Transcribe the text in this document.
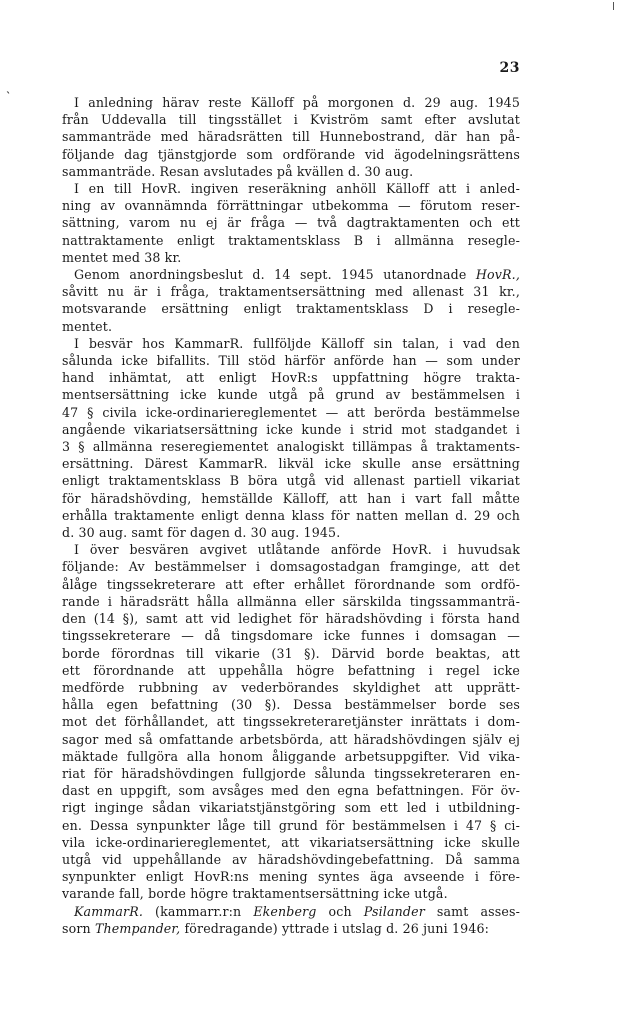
`
23
I anledning härav reste Källoff på morgonen d. 29 aug. 1945
från Uddevalla till tingsstället i Kviström samt efter avslutat
sammanträde med häradsrätten till Hunnebostrand, där han på-
följande dag tjänstgjorde som ordförande vid ägodelningsrättens
sammanträde. Resan avslutades på kvällen d. 30 aug.
I en till HovR. ingiven reseräkning anhöll Källoff att i anled-
ning av ovannämnda förrättningar utbekomma — förutom reser-
sättning, varom nu ej är fråga — två dagtraktamenten och ett
nattraktamente enligt traktamentsklass B i allmänna resegle-
mentet med 38 kr.
Genom anordningsbeslut d. 14 sept. 1945 utanordnade HovR.,
såvitt nu är i fråga, traktamentsersättning med allenast 31 kr.,
motsvarande ersättning enligt traktamentsklass D i resegle-
mentet.
I besvär hos KammarR. fullföljde Källoff sin talan, i vad den
sålunda icke bifallits. Till stöd härför anförde han — som under
hand inhämtat, att enligt HovR:s uppfattning högre trakta-
mentsersättning icke kunde utgå på grund av bestämmelsen i
47 § civila icke-ordinariereglementet — att berörda bestämmelse
angående vikariatsersättning icke kunde i strid mot stadgandet i
3 § allmänna reseregiementet analogiskt tillämpas å traktaments-
ersättning. Därest KammarR. likväl icke skulle anse ersättning
enligt traktamentsklass B böra utgå vid allenast partiell vikariat
för häradshövding, hemställde Källoff, att han i vart fall måtte
erhålla traktamente enligt denna klass för natten mellan d. 29 och
d. 30 aug. samt för dagen d. 30 aug. 1945.
I över besvären avgivet utlåtande anförde HovR. i huvudsak
följande: Av bestämmelser i domsagostadgan framginge, att det
ålåge tingssekreterare att efter erhållet förordnande som ordfö-
rande i häradsrätt hålla allmänna eller särskilda tingssammanträ-
den (14 §), samt att vid ledighet för häradshövding i första hand
tingssekreterare — då tingsdomare icke funnes i domsagan —
borde förordnas till vikarie (31 §). Därvid borde beaktas, att
ett förordnande att uppehålla högre befattning i regel icke
medförde rubbning av vederbörandes skyldighet att upprätt-
hålla egen befattning (30 §). Dessa bestämmelser borde ses
mot det förhållandet, att tingssekreteraretjänster inrättats i dom-
sagor med så omfattande arbetsbörda, att häradshövdingen själv ej
mäktade fullgöra alla honom åliggande arbetsuppgifter. Vid vika-
riat för häradshövdingen fullgjorde sålunda tingssekreteraren en-
dast en uppgift, som avsåges med den egna befattningen. För öv-
rigt inginge sådan vikariatstjänstgöring som ett led i utbildning-
en. Dessa synpunkter låge till grund för bestämmelsen i 47 § ci-
vila icke-ordinariereglementet, att vikariatsersättning icke skulle
utgå vid uppehållande av häradshövdingebefattning. Då samma
synpunkter enligt HovR:ns mening syntes äga avseende i före-
varande fall, borde högre traktamentsersättning icke utgå.
KammarR. (kammarr.r:n Ekenberg och Psilander samt asses-
sorn Thempander, föredragande) yttrade i utslag d. 26 juni 1946:
